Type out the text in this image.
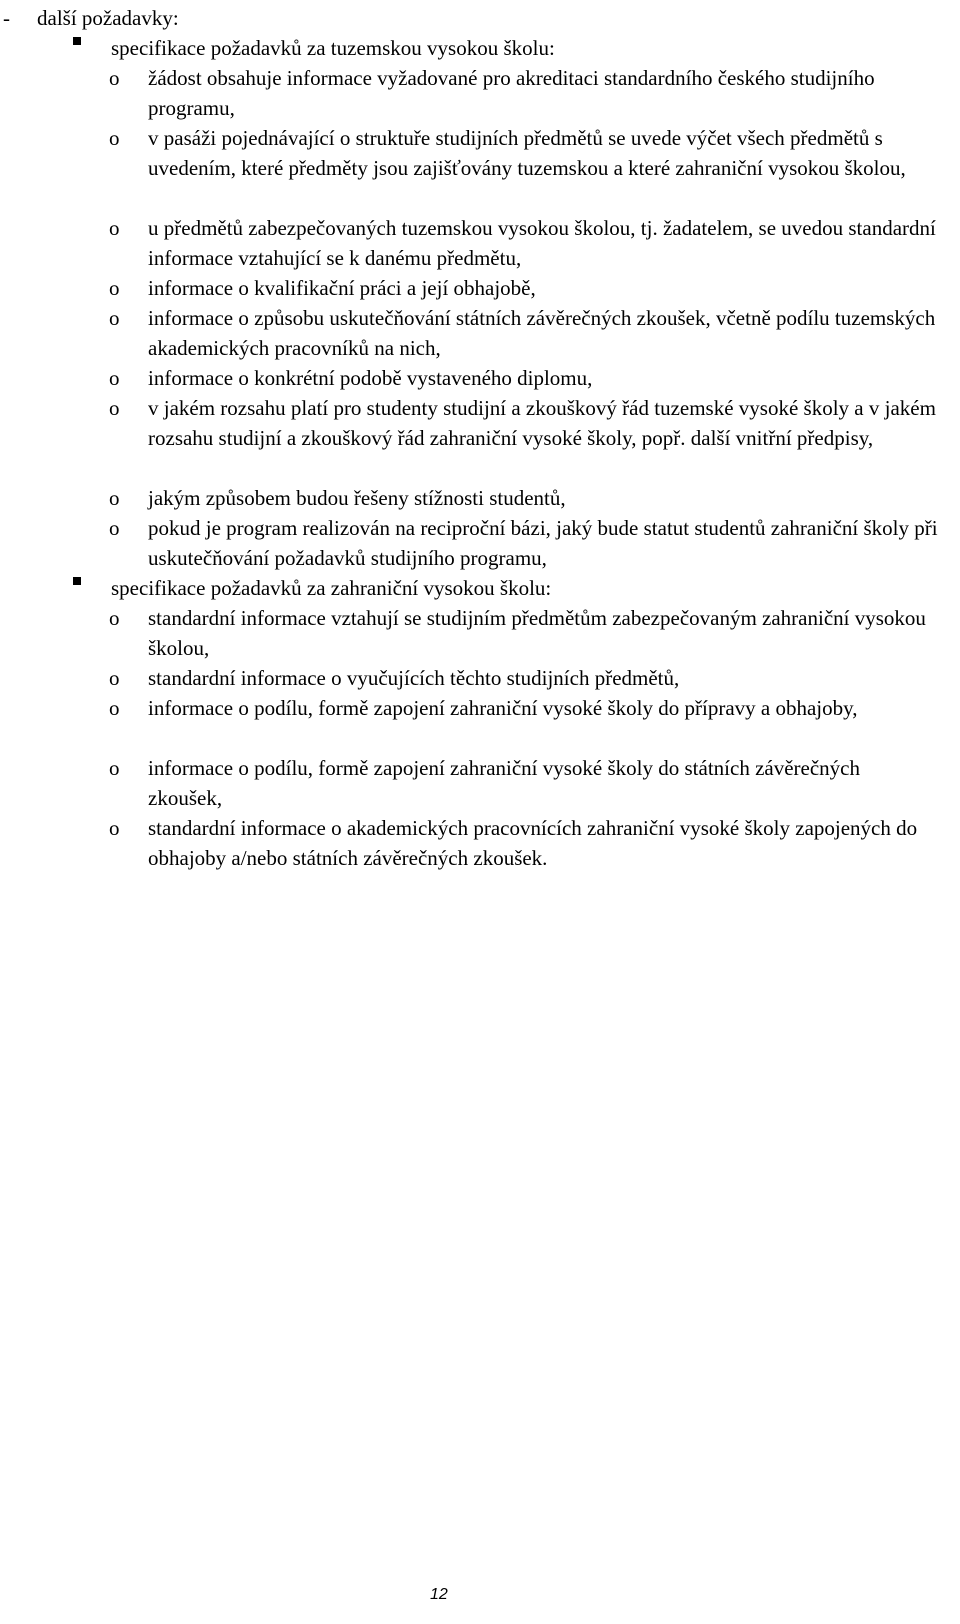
- další požadavky:
specifikace požadavků za tuzemskou vysokou školu:
o žádost obsahuje informace vyžadované pro akreditaci standardního českého studijního programu,
o v pasáži pojednávající o struktuře studijních předmětů se uvede výčet všech předmětů s uvedením, které předměty jsou zajišťovány tuzemskou a které zahraniční vysokou školou,
o u předmětů zabezpečovaných tuzemskou vysokou školou, tj. žadatelem, se uvedou standardní informace vztahující se k danému předmětu,
o informace o kvalifikační práci a její obhajobě,
o informace o způsobu uskutečňování státních závěrečných zkoušek, včetně podílu tuzemských akademických pracovníků na nich,
o informace o konkrétní podobě vystaveného diplomu,
o v jakém rozsahu platí pro studenty studijní a zkouškový řád tuzemské vysoké školy a v jakém rozsahu studijní a zkouškový řád zahraniční vysoké školy, popř. další vnitřní předpisy,
o jakým způsobem budou řešeny stížnosti studentů,
o pokud je program realizován na reciproční bázi, jaký bude statut studentů zahraniční školy při uskutečňování požadavků studijního programu,
specifikace požadavků za zahraniční vysokou školu:
o standardní informace vztahují se studijním předmětům zabezpečovaným zahraniční vysokou školou,
o standardní informace o vyučujících těchto studijních předmětů,
o informace o podílu, formě zapojení zahraniční vysoké školy do přípravy a obhajoby,
o informace o podílu, formě zapojení zahraniční vysoké školy do státních závěrečných zkoušek,
o standardní informace o akademických pracovnících zahraniční vysoké školy zapojených do obhajoby a/nebo státních závěrečných zkoušek.
12
